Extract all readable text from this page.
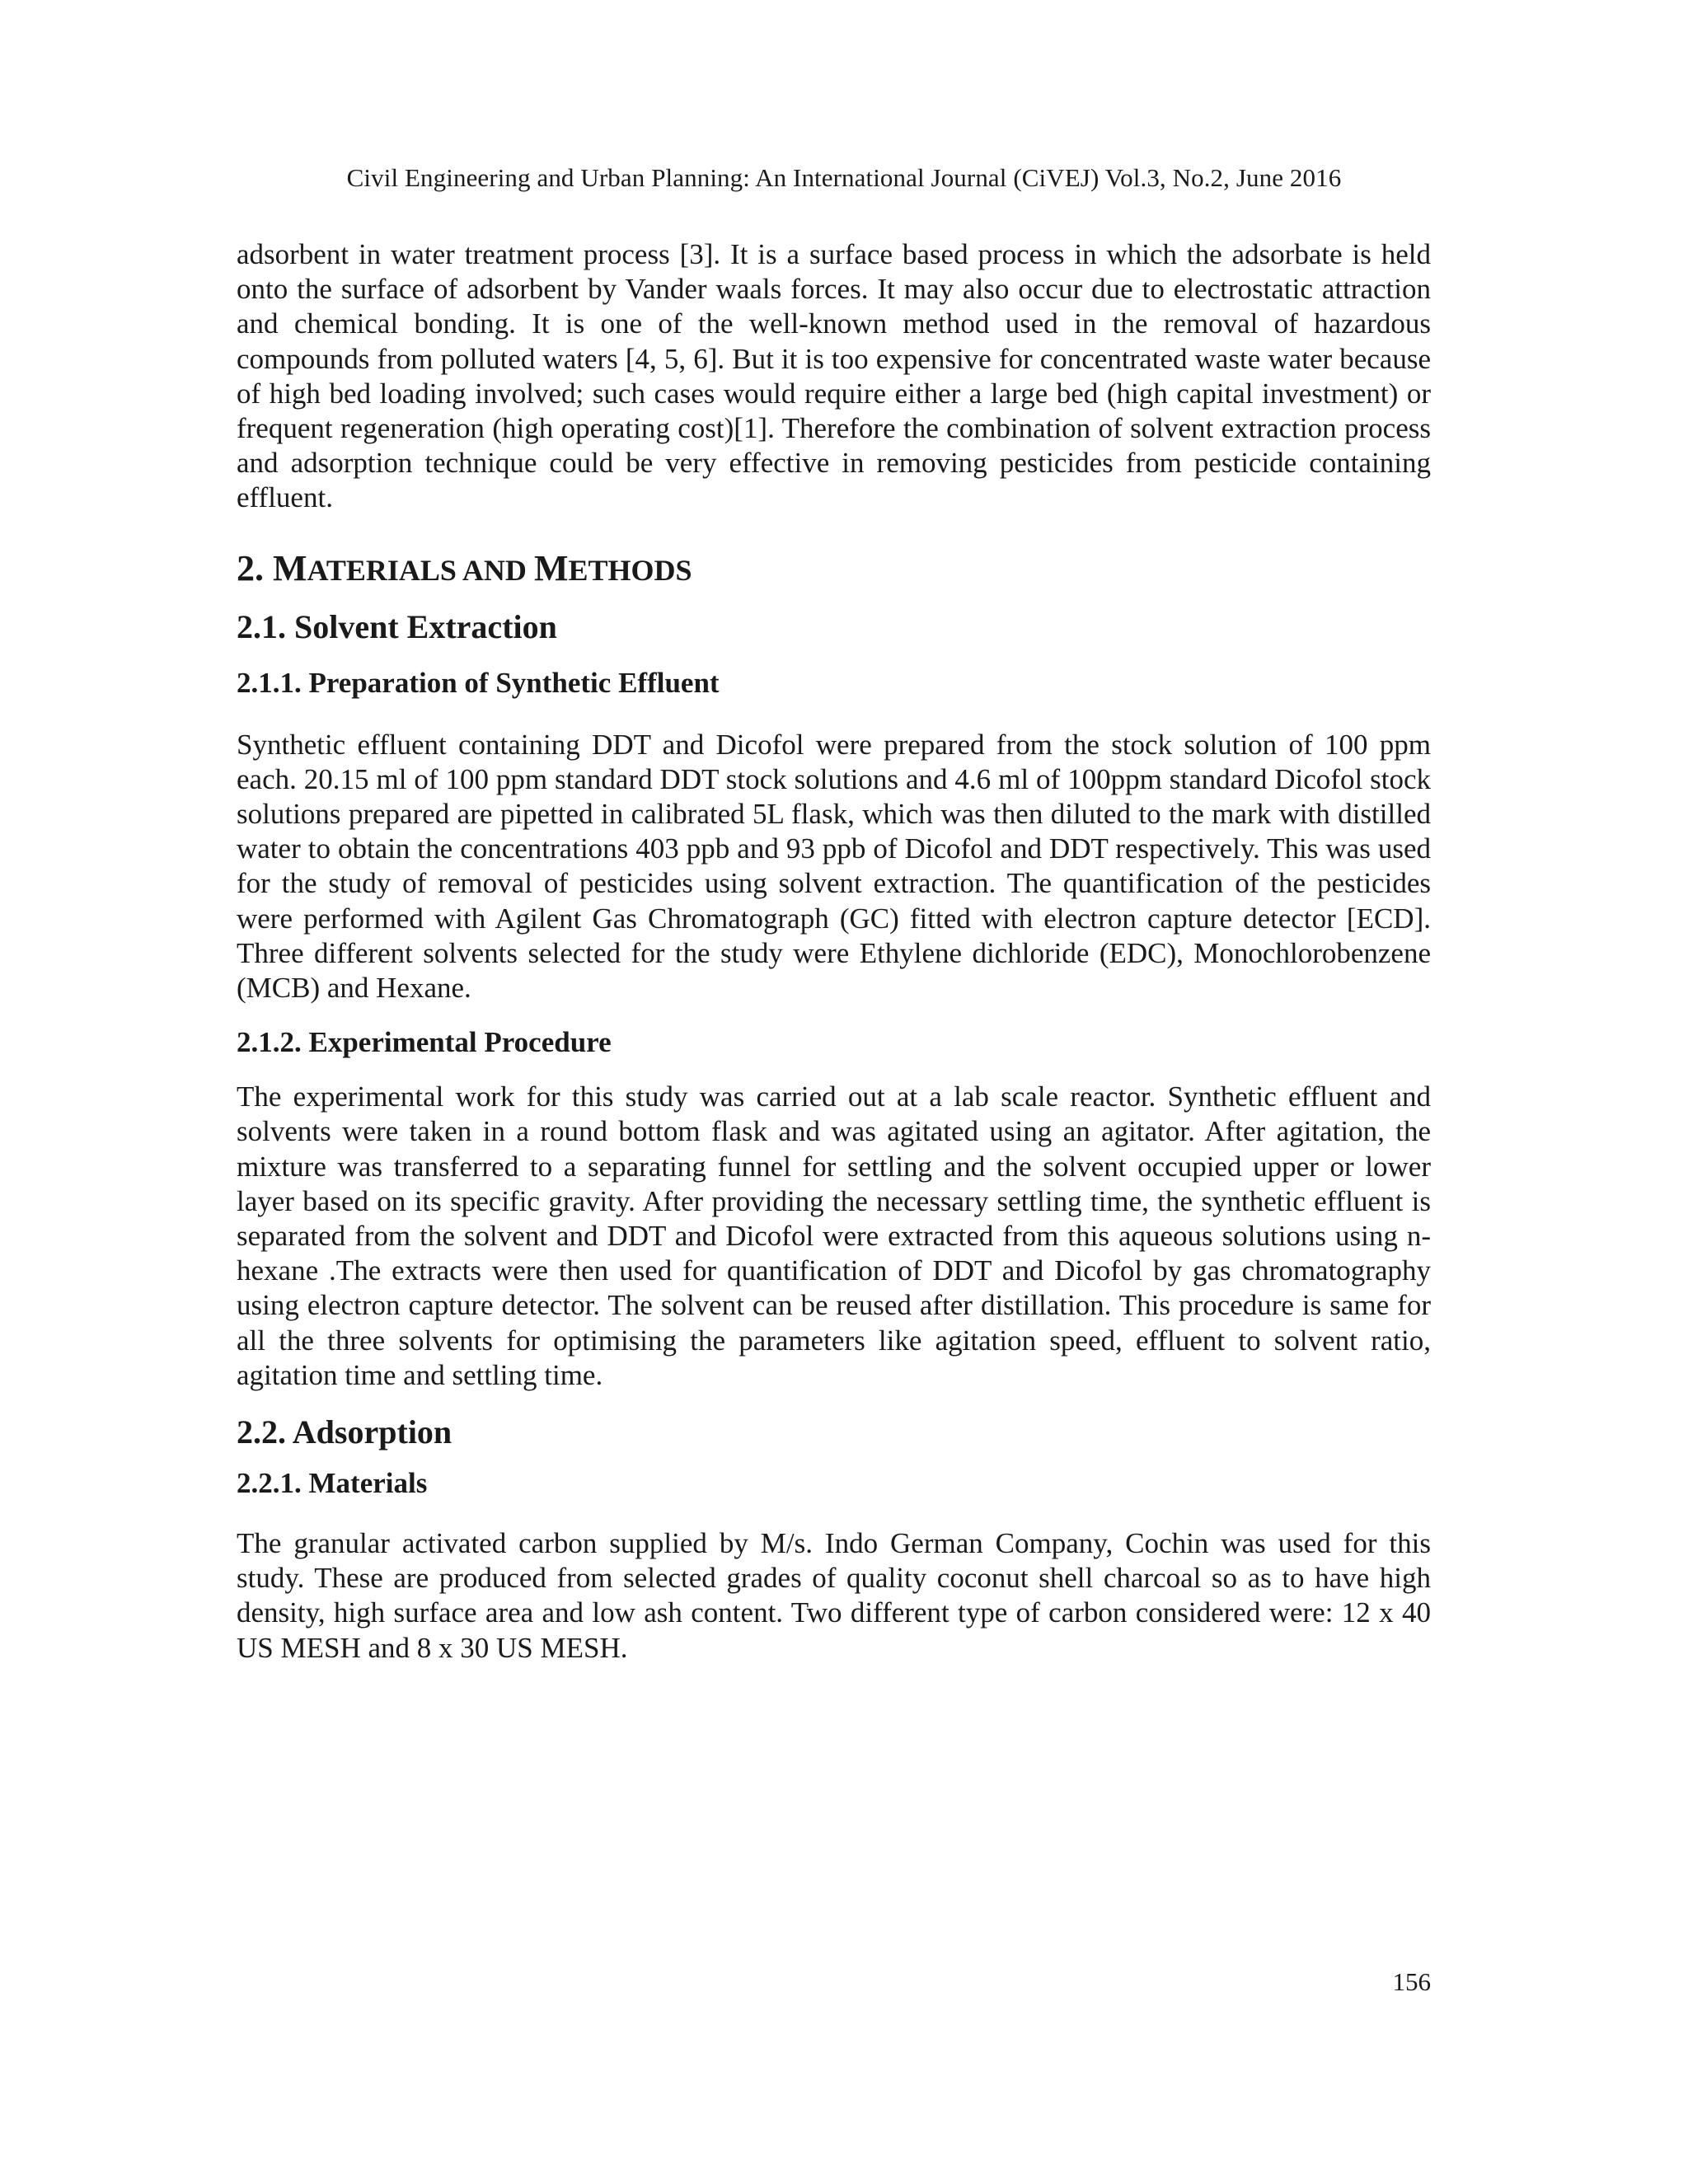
Civil Engineering and Urban Planning: An International Journal (CiVEJ) Vol.3, No.2, June 2016

adsorbent in water treatment process [3]. It is a surface based process in which the adsorbate is held onto the surface of adsorbent by Vander waals forces. It may also occur due to electrostatic attraction and chemical bonding. It is one of the well-known method used in the removal of hazardous compounds from polluted waters [4, 5, 6]. But it is too expensive for concentrated waste water because of high bed loading involved; such cases would require either a large bed (high capital investment) or frequent regeneration (high operating cost)[1]. Therefore the combination of solvent extraction process and adsorption technique could be very effective in removing pesticides from pesticide containing effluent.

2. MATERIALS AND METHODS
2.1. Solvent Extraction
2.1.1. Preparation of Synthetic Effluent

Synthetic effluent containing DDT and Dicofol were prepared from the stock solution of 100 ppm each. 20.15 ml of 100 ppm standard DDT stock solutions and 4.6 ml of 100ppm standard Dicofol stock solutions prepared are pipetted in calibrated 5L flask, which was then diluted to the mark with distilled water to obtain the concentrations 403 ppb and 93 ppb of Dicofol and DDT respectively. This was used for the study of removal of pesticides using solvent extraction. The quantification of the pesticides were performed with Agilent Gas Chromatograph (GC) fitted with electron capture detector [ECD]. Three different solvents selected for the study were Ethylene dichloride (EDC), Monochlorobenzene (MCB) and Hexane.

2.1.2. Experimental Procedure

The experimental work for this study was carried out at a lab scale reactor. Synthetic effluent and solvents were taken in a round bottom flask and was agitated using an agitator. After agitation, the mixture was transferred to a separating funnel for settling and the solvent occupied upper or lower layer based on its specific gravity. After providing the necessary settling time, the synthetic effluent is separated from the solvent and DDT and Dicofol were extracted from this aqueous solutions using n-hexane .The extracts were then used for quantification of DDT and Dicofol by gas chromatography using electron capture detector. The solvent can be reused after distillation. This procedure is same for all the three solvents for optimising the parameters like agitation speed, effluent to solvent ratio, agitation time and settling time.

2.2. Adsorption
2.2.1. Materials

The granular activated carbon supplied by M/s. Indo German Company, Cochin was used for this study. These are produced from selected grades of quality coconut shell charcoal so as to have high density, high surface area and low ash content. Two different type of carbon considered were: 12 x 40 US MESH and 8 x 30 US MESH.

156
